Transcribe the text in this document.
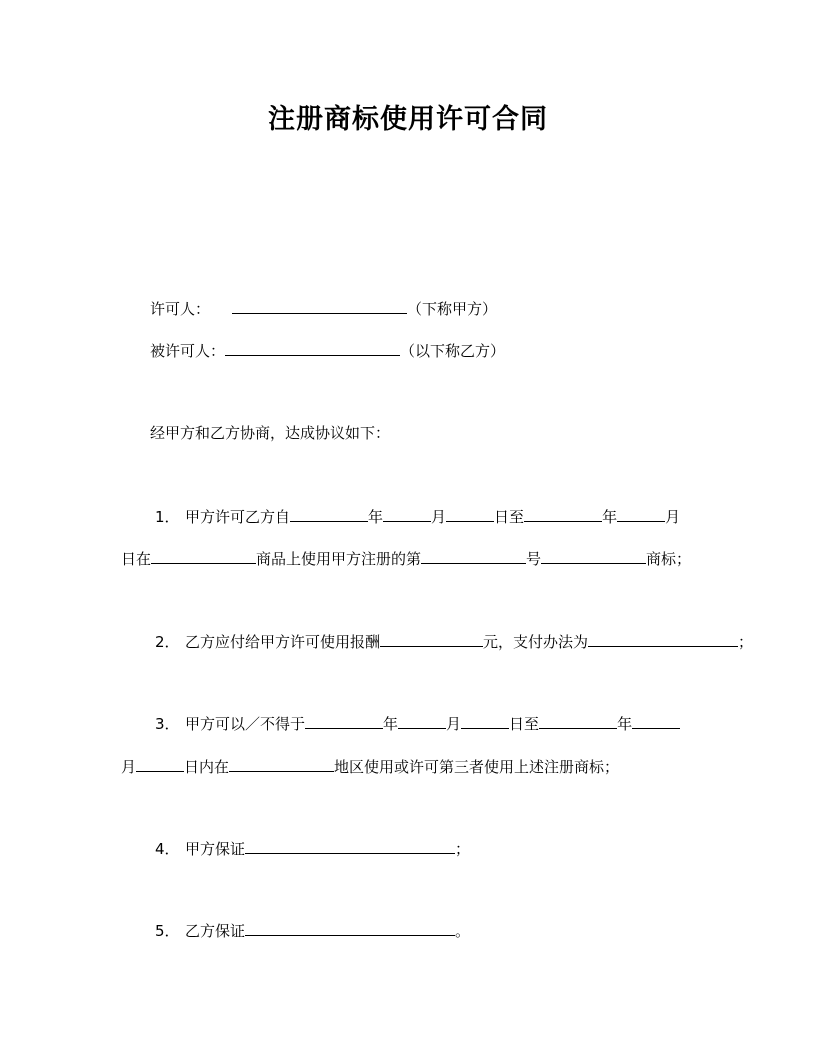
注册商标使用许可合同
许可人：	（下称甲方）
被许可人：	（以下称乙方）
经甲方和乙方协商，达成协议如下：
1． 甲方许可乙方自	年	月	日至	年	月
日在	商品上使用甲方注册的第	号	商标；
2． 乙方应付给甲方许可使用报酬	元，支付办法为	；
3． 甲方可以／不得于	年	月	日至	年
月	日内在	地区使用或许可第三者使用上述注册商标；
4． 甲方保证	；
5． 乙方保证	。
